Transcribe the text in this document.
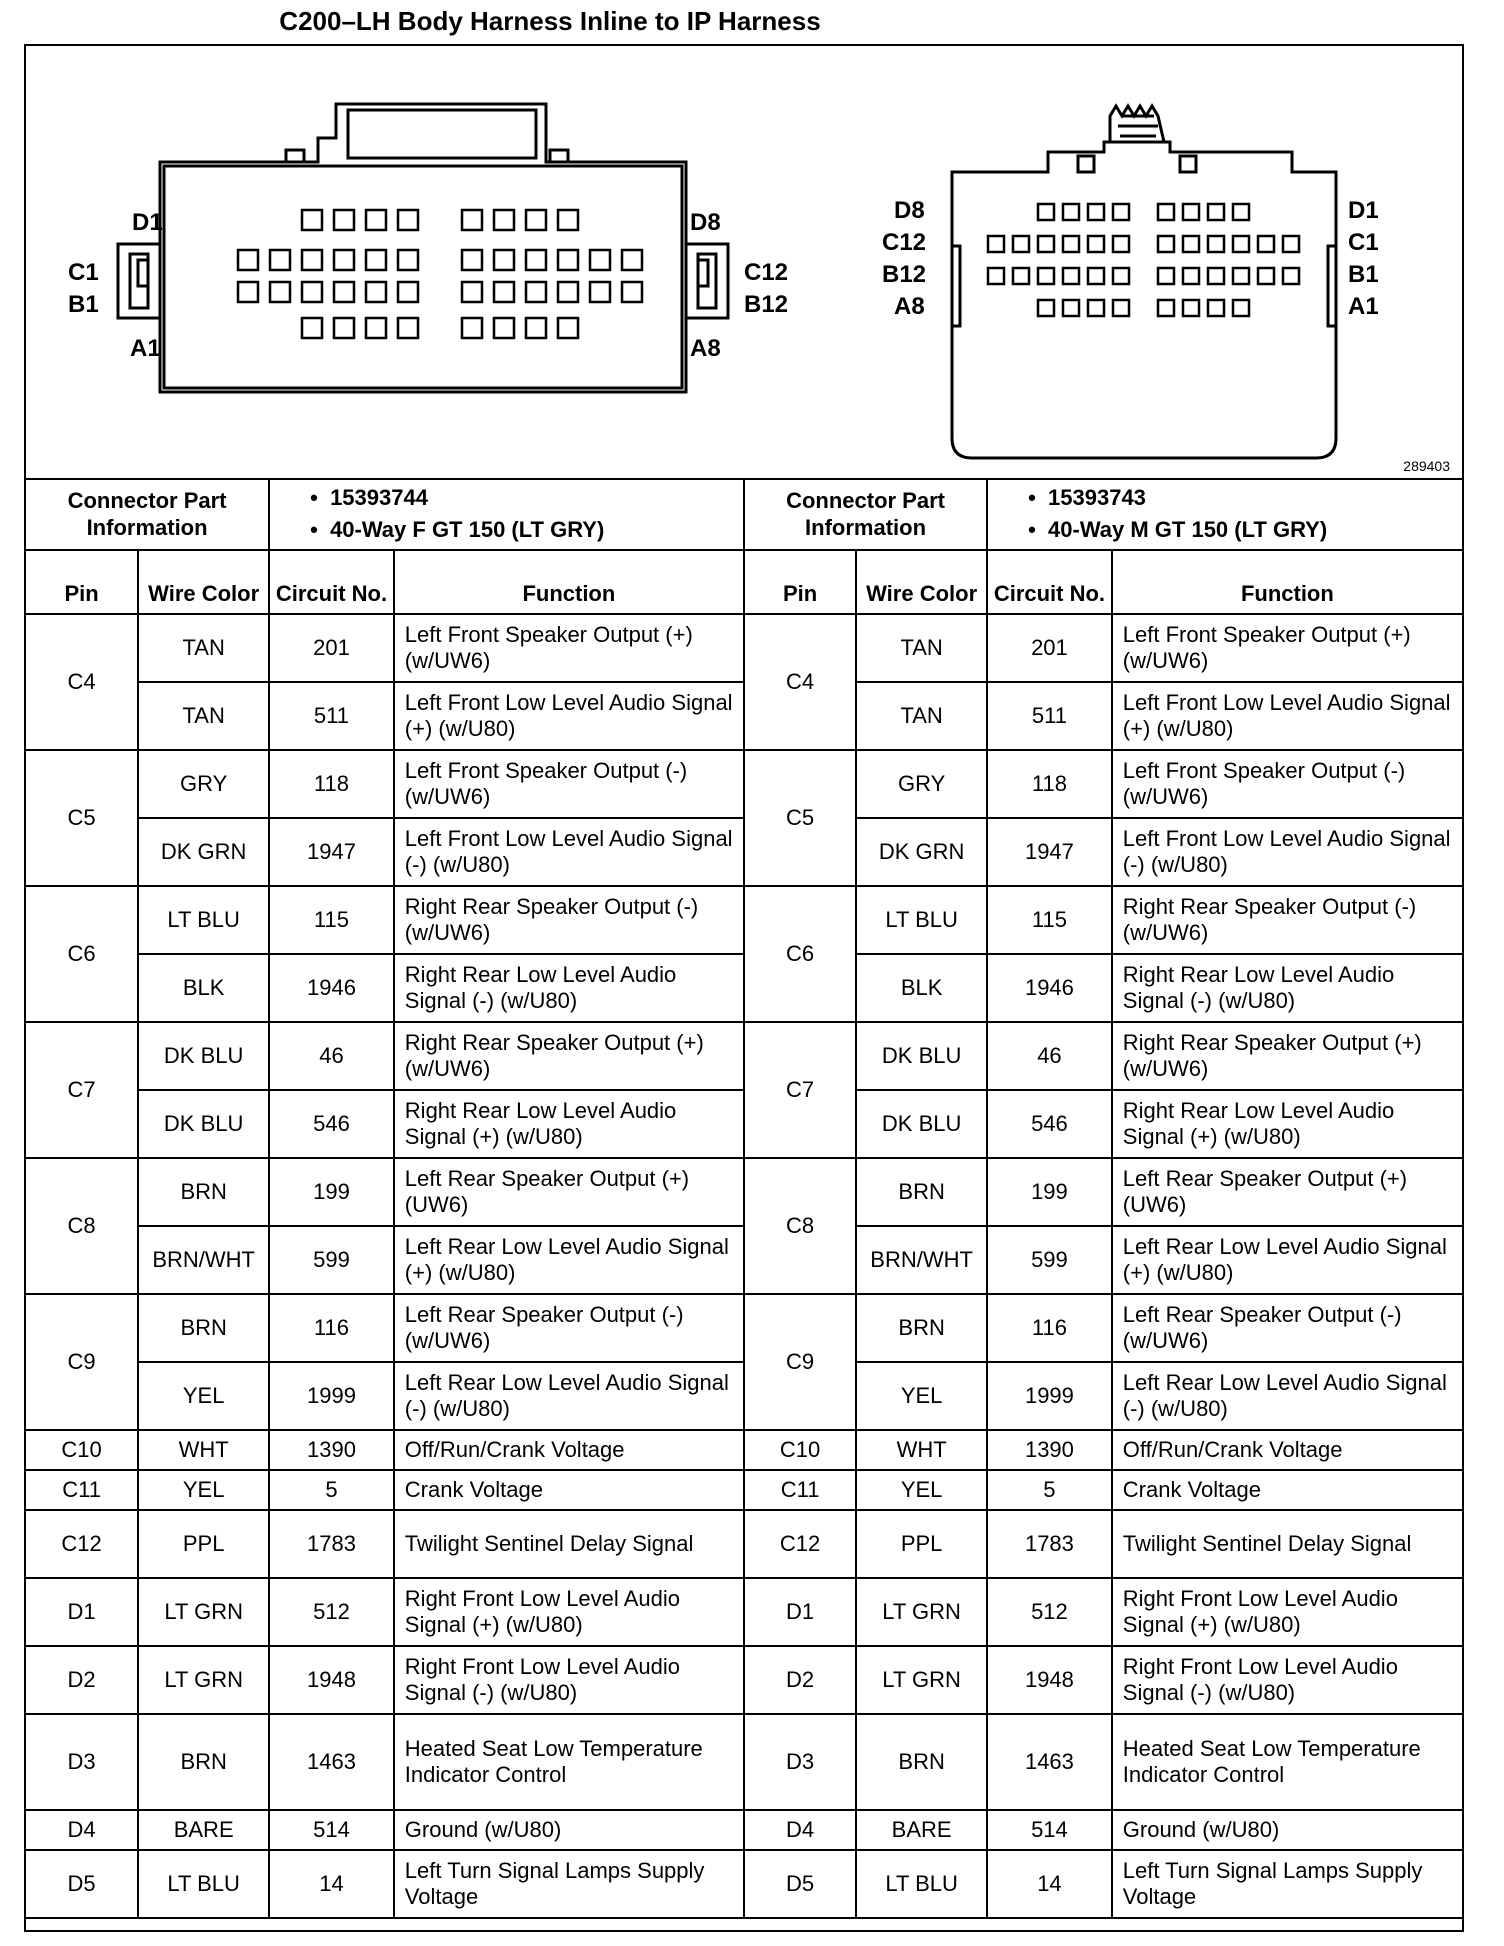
C200–LH Body Harness Inline to IP Harness
D1
C1
B1
A1
D8
C12
B12
A8
D8
C12
B12
A8
D1
C1
B1
A1
289403
Connector Part Information		•  15393744
•  40-Way F GT 150 (LT GRY)		Connector Part Information		•  15393743
•  40-Way M GT 150 (LT GRY)	

Pin	Wire Color	Circuit No.	Function	Pin	Wire Color	Circuit No.	Function
C4	TAN	201	Left Front Speaker Output (+) (w/UW6)	C4	TAN	201	Left Front Speaker Output (+) (w/UW6)
	TAN	511	Left Front Low Level Audio Signal (+) (w/U80)		TAN	511	Left Front Low Level Audio Signal (+) (w/U80)
C5	GRY	118	Left Front Speaker Output (-)(w/UW6)	C5	GRY	118	Left Front Speaker Output (-)(w/UW6)
	DK GRN	1947	Left Front Low Level Audio Signal (-) (w/U80)		DK GRN	1947	Left Front Low Level Audio Signal (-) (w/U80)
C6	LT BLU	115	Right Rear Speaker Output (-) (w/UW6)	C6	LT BLU	115	Right Rear Speaker Output (-) (w/UW6)
	BLK	1946	Right Rear Low Level Audio Signal (-) (w/U80)		BLK	1946	Right Rear Low Level Audio Signal (-) (w/U80)
C7	DK BLU	46	Right Rear Speaker Output (+) (w/UW6)	C7	DK BLU	46	Right Rear Speaker Output (+) (w/UW6)
	DK BLU	546	Right Rear Low Level Audio Signal (+) (w/U80)		DK BLU	546	Right Rear Low Level Audio Signal (+) (w/U80)
C8	BRN	199	Left Rear Speaker Output (+) (UW6)	C8	BRN	199	Left Rear Speaker Output (+) (UW6)
	BRN/WHT	599	Left Rear Low Level Audio Signal (+) (w/U80)		BRN/WHT	599	Left Rear Low Level Audio Signal (+) (w/U80)
C9	BRN	116	Left Rear Speaker Output (-) (w/UW6)	C9	BRN	116	Left Rear Speaker Output (-) (w/UW6)
	YEL	1999	Left Rear Low Level Audio Signal (-) (w/U80)		YEL	1999	Left Rear Low Level Audio Signal (-) (w/U80)
C10	WHT	1390	Off/Run/Crank Voltage	C10	WHT	1390	Off/Run/Crank Voltage
C11	YEL	5	Crank Voltage	C11	YEL	5	Crank Voltage
C12	PPL	1783	Twilight Sentinel Delay Signal	C12	PPL	1783	Twilight Sentinel Delay Signal
D1	LT GRN	512	Right Front Low Level Audio Signal (+) (w/U80)	D1	LT GRN	512	Right Front Low Level Audio Signal (+) (w/U80)
D2	LT GRN	1948	Right Front Low Level Audio Signal (-) (w/U80)	D2	LT GRN	1948	Right Front Low Level Audio Signal (-) (w/U80)
D3	BRN	1463	Heated Seat Low Temperature Indicator Control	D3	BRN	1463	Heated Seat Low Temperature Indicator Control
D4	BARE	514	Ground (w/U80)	D4	BARE	514	Ground (w/U80)
D5	LT BLU	14	Left Turn Signal Lamps Supply Voltage	D5	LT BLU	14	Left Turn Signal Lamps Supply Voltage
